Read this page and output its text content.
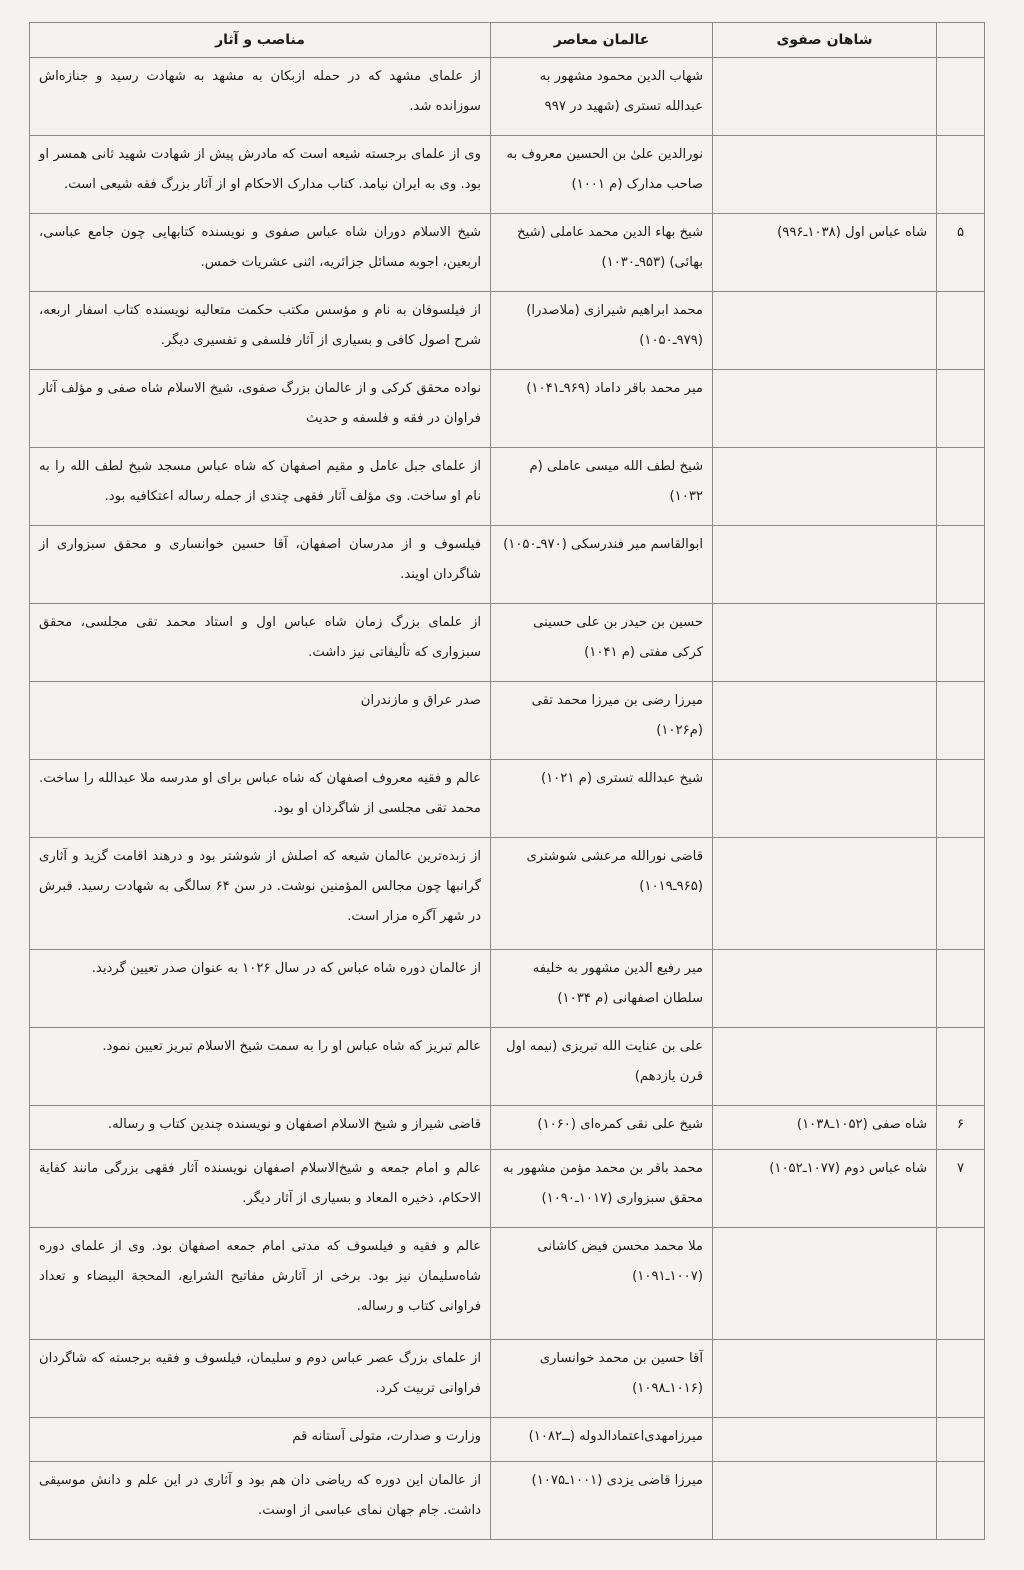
	شاهان صفوی	عالمان معاصر	مناصب و آثار
		شهاب الدین محمود مشهور به عبدالله تستری (شهید در ۹۹۷	از علمای مشهد که در حمله ازبکان به مشهد به شهادت رسید و جنازه‌اش سوزانده شد.
		نورالدین علیٰ بن الحسین معروف به صاحب مدارک (م ۱۰۰۱)	وی از علمای برجسته شیعه است که مادرش پیش از شهادت شهید ثانی همسر او بود. وی به ایران نیامد. کتاب مدارک الاحکام او از آثار بزرگ فقه شیعی است.
۵	شاه عباس اول (۱۰۳۸ـ۹۹۶)	شیخ بهاء الدین محمد عاملی (شیخ بهائی) (۹۵۳ـ۱۰۳۰)	شیخ الاسلام دوران شاه عباس صفوی و نویسنده کتابهایی چون جامع عباسی، اربعین، اجوبه مسائل جزائریه، اثنی عشریات خمس.
		محمد ابراهیم شیرازی (ملاصدرا) (۹۷۹ـ۱۰۵۰)	از فیلسوفان به نام و مؤسس مکتب حکمت متعالیه نویسنده کتاب اسفار اربعه، شرح اصول کافی و بسیاری از آثار فلسفی و تفسیری دیگر.
		میر محمد باقر داماد (۹۶۹ـ۱۰۴۱)	نواده محقق کرکی و از عالمان بزرگ صفوی، شیخ الاسلام شاه صفی و مؤلف آثار فراوان در فقه و فلسفه و حدیث
		شیخ لطف الله میسی عاملی (م ۱۰۳۲)	از علمای جبل عامل و مقیم اصفهان که شاه عباس مسجد شیخ لطف الله را به نام او ساخت. وی مؤلف آثار فقهی چندی از جمله رساله اعتکافیه بود.
		ابوالقاسم میر فندرسکی (۹۷۰ـ۱۰۵۰)	فیلسوف و از مدرسان اصفهان، آقا حسین خوانساری و محقق سبزواری از شاگردان اویند.
		حسین بن حیدر بن علی حسینی کرکی مفتی (م ۱۰۴۱)	از علمای بزرگ زمان شاه عباس اول و استاد محمد تقی مجلسی، محقق سبزواری که تألیفاتی نیز داشت.
		میرزا رضی بن میرزا محمد تقی (م۱۰۲۶)	صدر عراق و مازندران
		شیخ عبدالله تستری (م ۱۰۲۱)	عالم و فقیه معروف اصفهان که شاه عباس برای او مدرسه ملا عبدالله را ساخت. محمد تقی مجلسی از شاگردان او بود.
		قاضی نورالله مرعشی شوشتری (۹۶۵ـ۱۰۱۹)	از زبده‌ترین عالمان شیعه که اصلش از شوشتر بود و درهند اقامت گزید و آثاری گرانبها چون مجالس المؤمنین نوشت. در سن ۶۴ سالگی به شهادت رسید. قبرش در شهر آگره مزار است.
		میر رفیع الدین مشهور به خلیفه سلطان اصفهانی (م ۱۰۳۴)	از عالمان دوره شاه عباس که در سال ۱۰۲۶ به عنوان صدر تعیین گردید.
		علی بن عنایت الله تبریزی (نیمه اول قرن یازدهم)	عالم تبریز که شاه عباس او را به سمت شیخ الاسلام تبریز تعیین نمود.
۶	شاه صفی (۱۰۵۲ـ۱۰۳۸)	شیخ علی نقی کمره‌ای (۱۰۶۰)	قاضی شیراز و شیخ الاسلام اصفهان و نویسنده چندین کتاب و رساله.
۷	شاه عباس دوم (۱۰۷۷ـ۱۰۵۲)	محمد باقر بن محمد مؤمن مشهور به محقق سبزواری (۱۰۱۷ـ۱۰۹۰)	عالم و امام جمعه و شیخ‌الاسلام اصفهان نویسنده آثار فقهی بزرگی مانند کفایة الاحکام، ذخیره المعاد و بسیاری از آثار دیگر.
		ملا محمد محسن فیض کاشانی (۱۰۰۷ـ۱۰۹۱)	عالم و فقیه و فیلسوف که مدتی امام جمعه اصفهان بود. وی از علمای دوره شاه‌سلیمان نیز بود. برخی از آثارش مفاتیح الشرایع، المحجة البیضاء و تعداد فراوانی کتاب و رساله.
		آقا حسین بن محمد خوانساری (۱۰۱۶ـ۱۰۹۸)	از علمای بزرگ عصر عباس دوم و سلیمان، فیلسوف و فقیه برجسته که شاگردان فراوانی تربیت کرد.
		میرزامهدی‌اعتمادالدوله (ــ۱۰۸۲)	وزارت و صدارت، متولی آستانه قم
		میرزا قاضی یزدی (۱۰۰۱ـ۱۰۷۵)	از عالمان این دوره که ریاضی دان هم بود و آثاری در این علم و دانش موسیقی داشت. جام جهان نمای عباسی از اوست.
